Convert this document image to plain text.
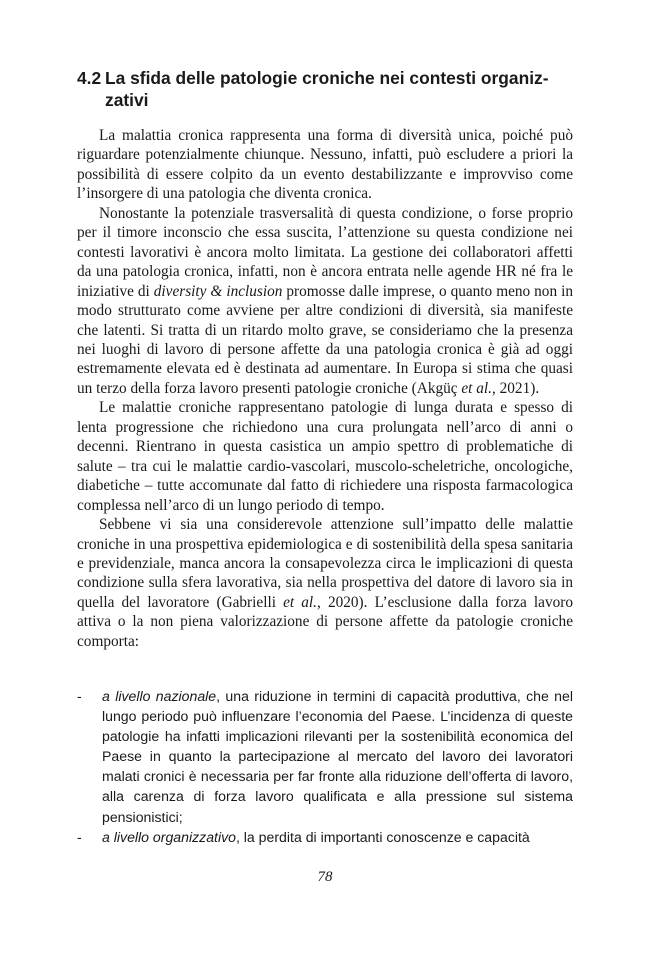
4.2 La sfida delle patologie croniche nei contesti organiz-
zativi

La malattia cronica rappresenta una forma di diversità unica, poiché può riguardare potenzialmente chiunque. Nessuno, infatti, può escludere a priori la possibilità di essere colpito da un evento destabilizzante e improvviso come l’insorgere di una patologia che diventa cronica.

Nonostante la potenziale trasversalità di questa condizione, o forse proprio per il timore inconscio che essa suscita, l’attenzione su questa condizione nei contesti lavorativi è ancora molto limitata. La gestione dei collaboratori affetti da una patologia cronica, infatti, non è ancora entrata nelle agende HR né fra le iniziative di diversity & inclusion promosse dalle imprese, o quanto meno non in modo strutturato come avviene per altre condizioni di diversità, sia manifeste che latenti. Si tratta di un ritardo molto grave, se consideriamo che la presenza nei luoghi di lavoro di persone affette da una patologia cronica è già ad oggi estremamente elevata ed è destinata ad aumentare. In Europa si stima che quasi un terzo della forza lavoro presenti patologie croniche (Akgüç et al., 2021).

Le malattie croniche rappresentano patologie di lunga durata e spesso di lenta progressione che richiedono una cura prolungata nell’arco di anni o decenni. Rientrano in questa casistica un ampio spettro di problematiche di salute – tra cui le malattie cardio-vascolari, muscolo-scheletriche, oncologiche, diabetiche – tutte accomunate dal fatto di richiedere una risposta farmacologica complessa nell’arco di un lungo periodo di tempo.

Sebbene vi sia una considerevole attenzione sull’impatto delle malattie croniche in una prospettiva epidemiologica e di sostenibilità della spesa sanitaria e previdenziale, manca ancora la consapevolezza circa le implicazioni di questa condizione sulla sfera lavorativa, sia nella prospettiva del datore di lavoro sia in quella del lavoratore (Gabrielli et al., 2020). L’esclusione dalla forza lavoro attiva o la non piena valorizzazione di persone affette da patologie croniche comporta:

- a livello nazionale, una riduzione in termini di capacità produttiva, che nel lungo periodo può influenzare l’economia del Paese. L’incidenza di queste patologie ha infatti implicazioni rilevanti per la sostenibilità economica del Paese in quanto la partecipazione al mercato del lavoro dei lavoratori malati cronici è necessaria per far fronte alla riduzione dell’offerta di lavoro, alla carenza di forza lavoro qualificata e alla pressione sul sistema pensionistici;
- a livello organizzativo, la perdita di importanti conoscenze e capacità
78
